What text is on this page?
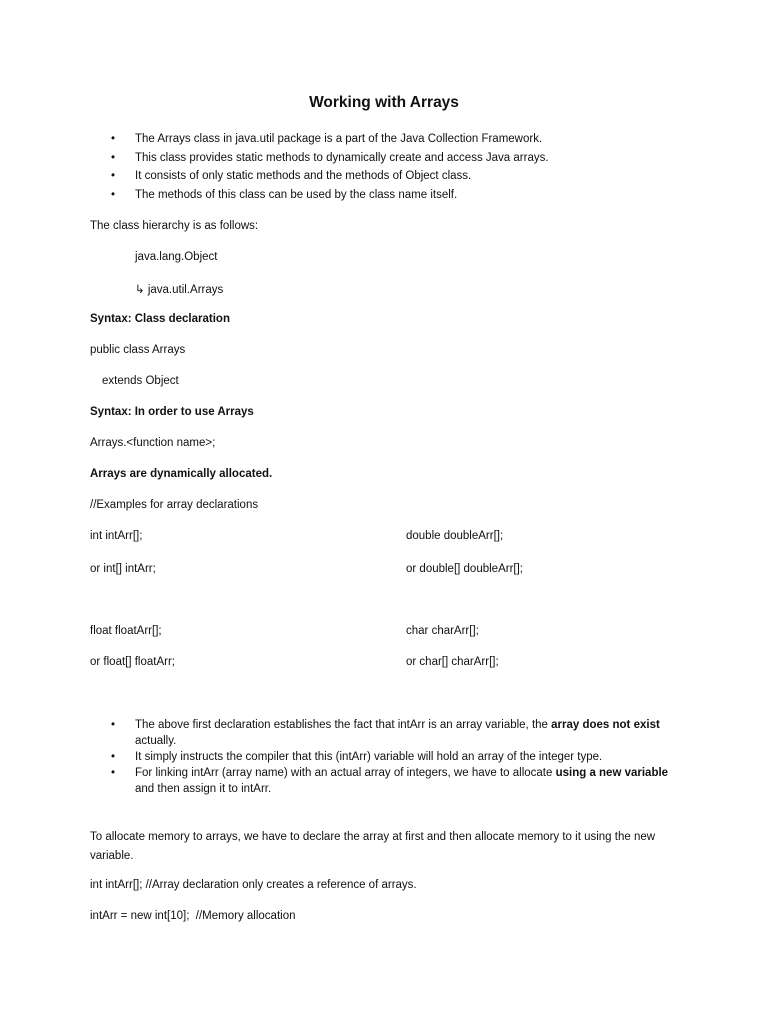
Working with Arrays
• The Arrays class in java.util package is a part of the Java Collection Framework.
• This class provides static methods to dynamically create and access Java arrays.
• It consists of only static methods and the methods of Object class.
• The methods of this class can be used by the class name itself.
The class hierarchy is as follows:
java.lang.Object
↳ java.util.Arrays
Syntax: Class declaration
public class Arrays
extends Object
Syntax: In order to use Arrays
Arrays.<function name>;
Arrays are dynamically allocated.
//Examples for array declarations
int intArr[];	double doubleArr[];
or int[] intArr;	or double[] doubleArr[];
float floatArr[];	char charArr[];
or float[] floatArr;	or char[] charArr[];
• The above first declaration establishes the fact that intArr is an array variable, the array does not exist actually.
• It simply instructs the compiler that this (intArr) variable will hold an array of the integer type.
• For linking intArr (array name) with an actual array of integers, we have to allocate using a new variable and then assign it to intArr.
To allocate memory to arrays, we have to declare the array at first and then allocate memory to it using the new variable.
int intArr[]; //Array declaration only creates a reference of arrays.
intArr = new int[10];  //Memory allocation
